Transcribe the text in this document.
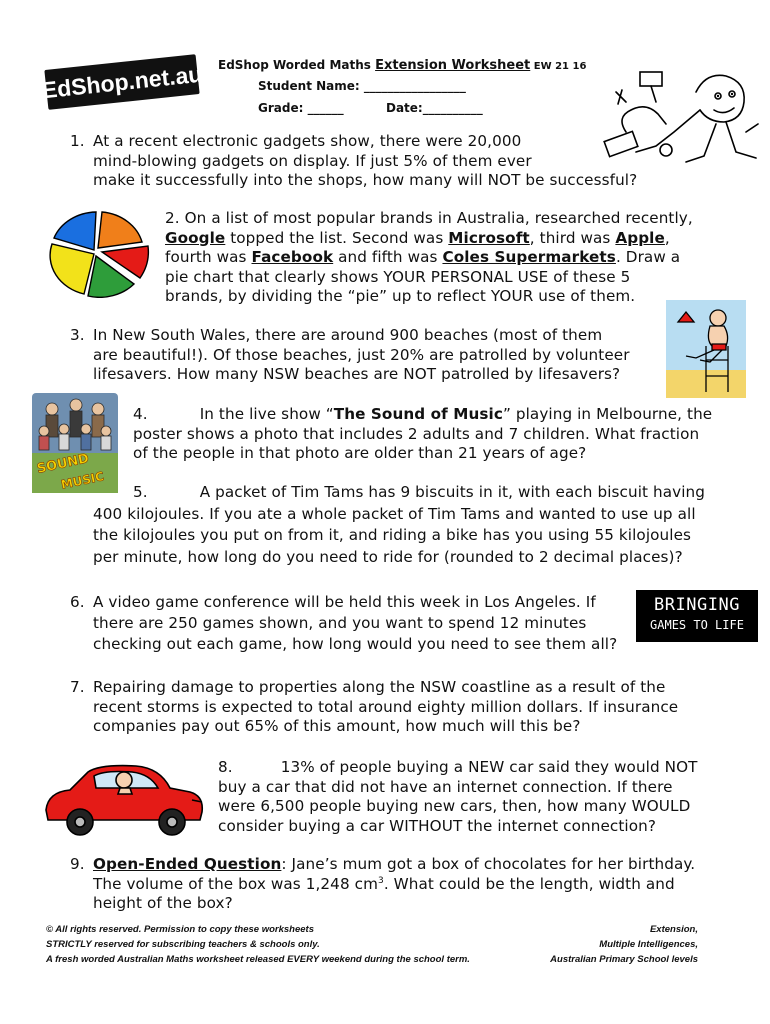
EdShop.net.au EdShop Worded Maths Extension Worksheet EW 21 16
Student Name: _________________
Grade: ______	Date:__________
1. At a recent electronic gadgets show, there were 20,000

mind-blowing gadgets on display. If just 5% of them ever

make it successfully into the shops, how many will NOT be successful?

2. On a list of most popular brands in Australia, researched recently,

Google topped the list. Second was Microsoft, third was Apple,

fourth was Facebook and fifth was Coles Supermarkets. Draw a

pie chart that clearly shows YOUR PERSONAL USE of these 5

brands, by dividing the “pie” up to reflect YOUR use of them.

3. In New South Wales, there are around 900 beaches (most of them

are beautiful!). Of those beaches, just 20% are patrolled by volunteer

lifesavers. How many NSW beaches are NOT patrolled by lifesavers?

SOUND
MUSIC

4.	In the live show “The Sound of Music” playing in Melbourne, the

poster shows a photo that includes 2 adults and 7 children. What fraction

of the people in that photo are older than 21 years of age?

5.	A packet of Tim Tams has 9 biscuits in it, with each biscuit having

400 kilojoules. If you ate a whole packet of Tim Tams and wanted to use up all

the kilojoules you put on from it, and riding a bike has you using 55 kilojoules

per minute, how long do you need to ride for (rounded to 2 decimal places)?

6. A video game conference will be held this week in Los Angeles. If

there are 250 games shown, and you want to spend 12 minutes

checking out each game, how long would you need to see them all?

BRINGING
GAMES TO LIFE
7. Repairing damage to properties along the NSW coastline as a result of the

recent storms is expected to total around eighty million dollars. If insurance

companies pay out 65% of this amount, how much will this be?

8.	13% of people buying a NEW car said they would NOT

buy a car that did not have an internet connection. If there

were 6,500 people buying new cars, then, how many WOULD

consider buying a car WITHOUT the internet connection?

9. Open-Ended Question: Jane’s mum got a box of chocolates for her birthday.

The volume of the box was 1,248 $cm^3$. What could be the length, width and

height of the box?

© All rights reserved. Permission to copy these worksheets
STRICTLY reserved for subscribing teachers & schools only.
A fresh worded Australian Maths worksheet released EVERY weekend during the school term.
Extension,
Multiple Intelligences,
Australian Primary School levels
